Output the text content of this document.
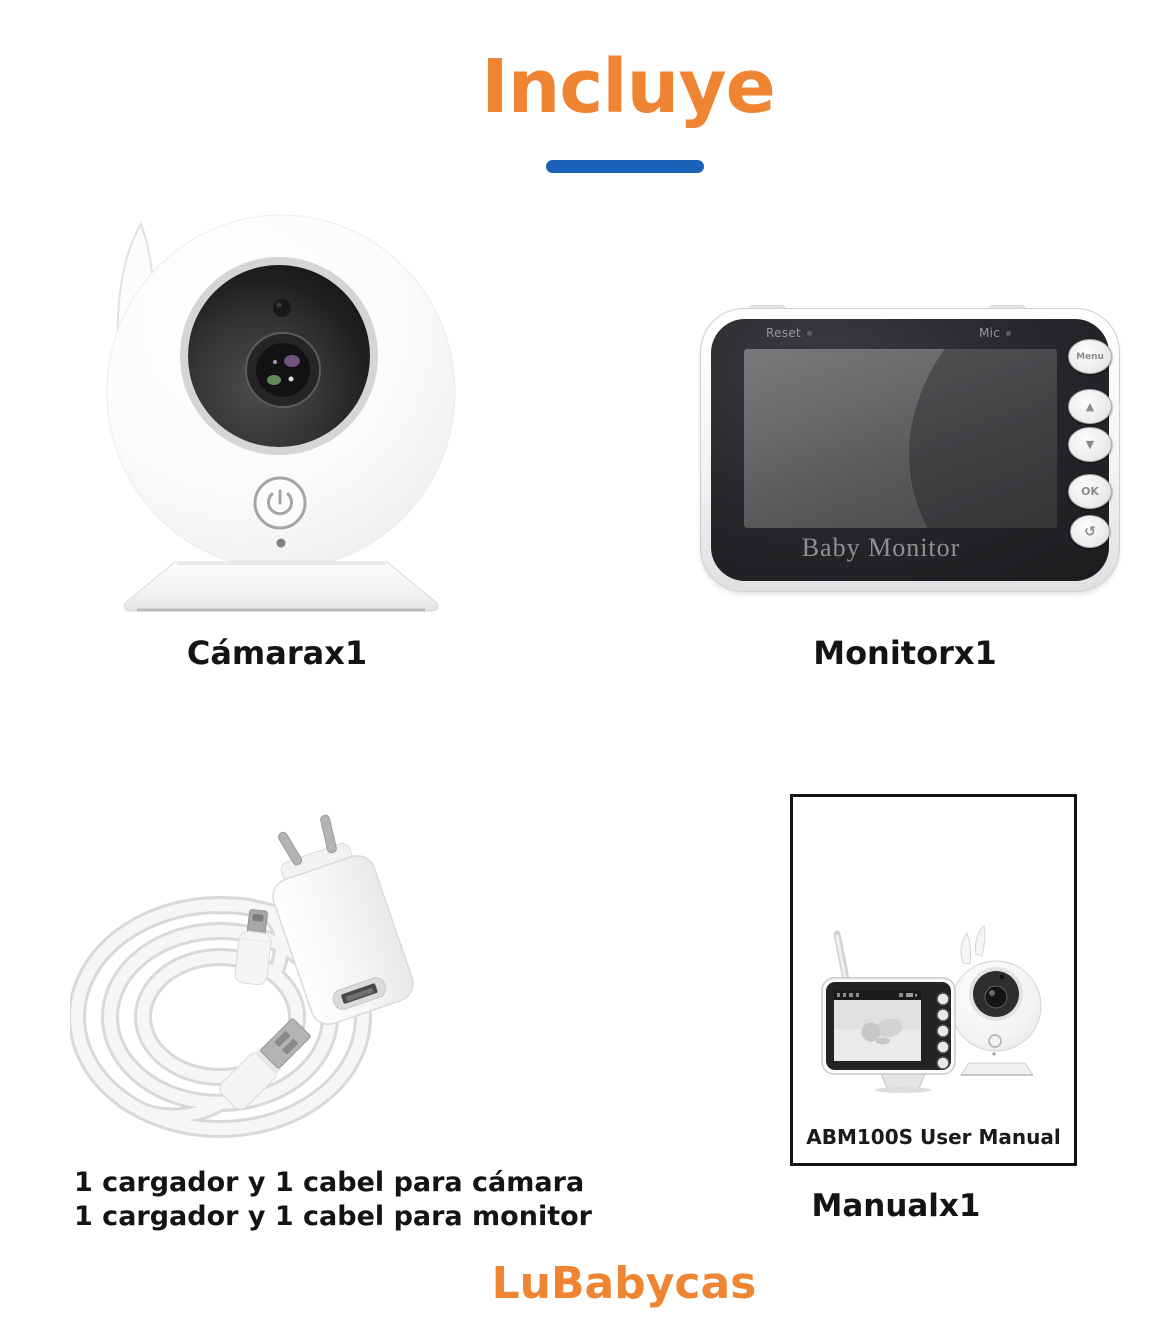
Incluye
Cámarax1
Reset	Mic
Menu
▲
▼
OK
↺
Baby Monitor
Monitorx1
1 cargador y 1 cabel para cámara
1 cargador y 1 cabel para monitor
ABM100S User Manual
Manualx1
LuBabycas
